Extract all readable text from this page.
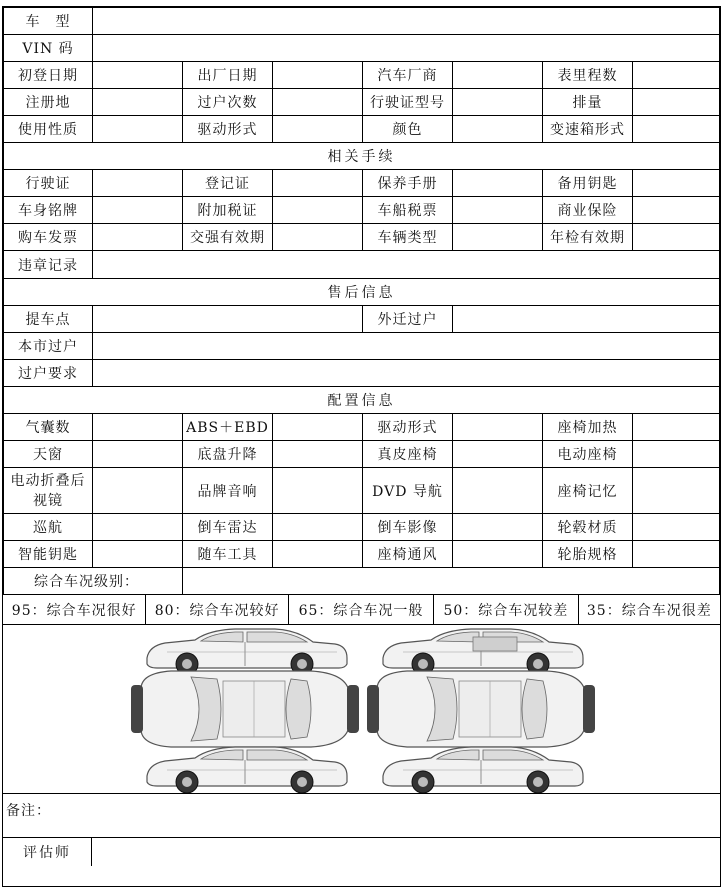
车　型							
VIN 码							
初登日期		出厂日期		汽车厂商		表里程数	
注册地		过户次数		行驶证型号		排量	
使用性质		驱动形式		颜色		变速箱形式	
相关手续							
行驶证		登记证		保养手册		备用钥匙	
车身铭牌		附加税证		车船税票		商业保险	
购车发票		交强有效期		车辆类型		年检有效期	
违章记录							
售后信息							
提车点				外迁过户			
本市过户							
过户要求							
配置信息							
气囊数		ABS＋EBD		驱动形式		座椅加热	
天窗		底盘升降		真皮座椅		电动座椅	
电动折叠后视镜		品牌音响		DVD 导航		座椅记忆	
巡航		倒车雷达		倒车影像		轮毂材质	
智能钥匙		随车工具		座椅通风		轮胎规格	
综合车况级别：							
95：综合车况很好	80：综合车况较好	65：综合车况一般	50：综合车况较差	35：综合车况很差
备注：
评估师
